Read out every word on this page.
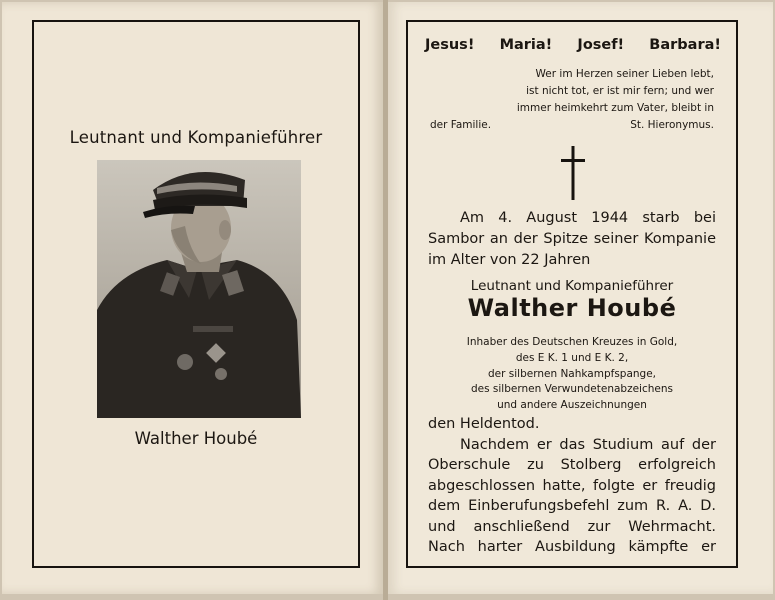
Leutnant und Kompanieführer
Walther Houbé
Jesus! Maria! Josef! Barbara!
Wer im Herzen seiner Lieben lebt,
ist nicht tot, er ist mir fern; und wer
immer heimkehrt zum Vater, bleibt in
der Familie.	St. Hieronymus.
Am 4. August 1944 starb bei
Sambor an der Spitze seiner Kompanie
im Alter von 22 Jahren
Leutnant und Kompanieführer
Walther Houbé
Inhaber des Deutschen Kreuzes in Gold,
des E K. 1 und E K. 2,
der silbernen Nahkampfspange,
des silbernen Verwundetenabzeichens
und andere Auszeichnungen
den Heldentod.
Nachdem er das Studium auf der
Oberschule zu Stolberg erfolgreich
abgeschlossen hatte, folgte er freudig
dem Einberufungsbefehl zum R. A. D.
und anschließend zur Wehrmacht.
Nach harter Ausbildung kämpfte er
